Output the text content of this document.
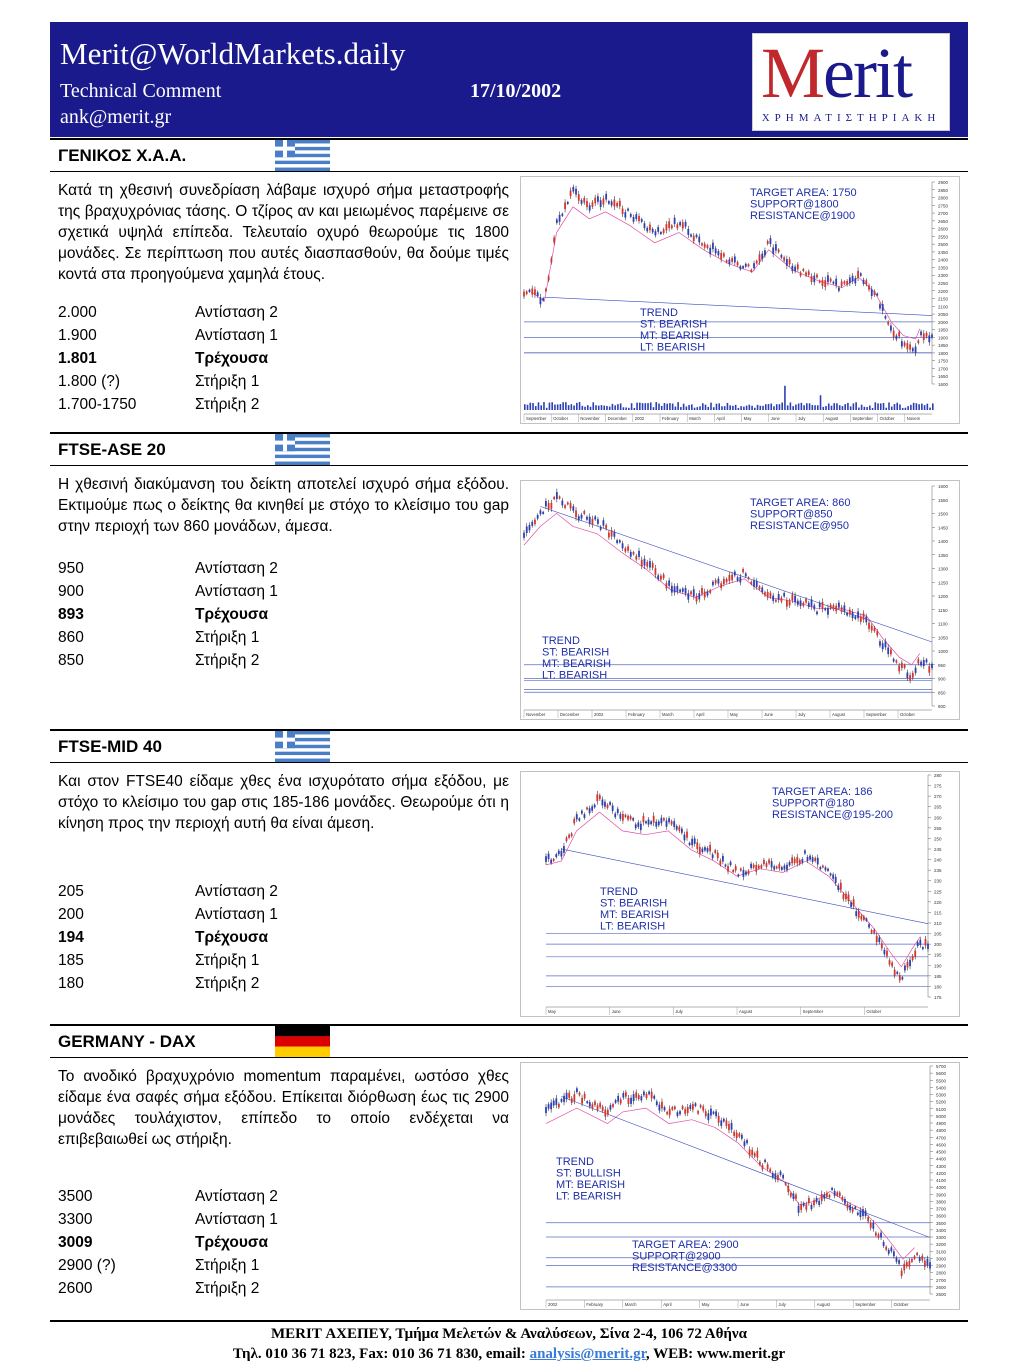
Merit@WorldMarkets.daily
Technical Comment	17/10/2002
ank@merit.gr
Merit
ΧΡΗΜΑΤΙΣΤΗΡΙΑΚΗ
ΓΕΝΙΚΟΣ Χ.Α.Α.
Κατά τη χθεσινή συνεδρίαση λάβαμε ισχυρό σήμα μεταστροφής της βραχυχρόνιας τάσης. Ο τζίρος αν και μειωμένος παρέμεινε σε σχετικά υψηλά επίπεδα. Τελευταίο οχυρό θεωρούμε τις 1800 μονάδες. Σε περίπτωση που αυτές διασπασθούν, θα δούμε τιμές κοντά στα προηγούμενα χαμηλά έτους.
2.000	Αντίσταση 2
1.900	Αντίσταση 1
1.801	Τρέχουσα
1.800 (?)	Στήριξη 1
1.700-1750	Στήριξη 2
2900
2850
2800
2750
2700
2650
2600
2550
2500
2450
2400
2350
2300
2250
2200
2150
2100
2050
2000
1950
1900
1850
1800
1750
1700
1650
1600
September October	November December 2002	February March	April	May	June	July	August	September October	Novem
TARGET AREA: 1750
SUPPORT@1800
RESISTANCE@1900
TREND
ST: BEARISH
MT: BEARISH
LT: BEARISH
FTSE-ASE 20
Η χθεσινή διακύμανση του δείκτη αποτελεί ισχυρό σήμα εξόδου. Εκτιμούμε πως ο δείκτης θα κινηθεί με στόχο το κλείσιμο του gap στην περιοχή των 860 μονάδων, άμεσα.
950	Αντίσταση 2
900	Αντίσταση 1
893	Τρέχουσα
860	Στήριξη 1
850	Στήριξη 2
1600
1550
1500
1450
1400
1350
1300
1250
1200
1150
1100
1050
1000
950
900
850
800
November	December	2002	February	March	April	May	June	July	August	September	October
TARGET AREA: 860
SUPPORT@850
RESISTANCE@950
TREND
ST: BEARISH
MT: BEARISH
LT: BEARISH
FTSE-MID 40
Και στον FTSE40 είδαμε χθες ένα ισχυρότατο σήμα εξόδου, με στόχο το κλείσιμο του gap στις 185-186 μονάδες. Θεωρούμε ότι η κίνηση προς την περιοχή αυτή θα είναι άμεση.
205	Αντίσταση 2
200	Αντίσταση 1
194	Τρέχουσα
185	Στήριξη 1
180	Στήριξη 2
280
275
270
265
260
255
250
245
240
235
230
225
220
215
210
205
200
195
190
185
180
175
May	June	July	August	September	October
TARGET AREA: 186
SUPPORT@180
RESISTANCE@195-200
TREND
ST: BEARISH
MT: BEARISH
LT: BEARISH
GERMANY - DAX
Το ανοδικό βραχυχρόνιο momentum παραμένει, ωστόσο χθες είδαμε ένα σαφές σήμα εξόδου. Επίκειται διόρθωση έως τις 2900 μονάδες τουλάχιστον, επίπεδο το οποίο ενδέχεται να επιβεβαιωθεί ως στήριξη.
3500	Αντίσταση 2
3300	Αντίσταση 1
3009	Τρέχουσα
2900 (?)	Στήριξη 1
2600	Στήριξη 2
5700
5600
5500
5400
5300
5200
5100
5000
4900
4800
4700
4600
4500
4400
4300
4200
4100
4000
3900
3800
3700
3600
3500
3400
3300
3200
3100
3000
2900
2800
2700
2600
2500
2002	February	March	April	May	June	July	August	September	October
TARGET AREA: 2900
SUPPORT@2900
RESISTANCE@3300
TREND
ST: BULLISH
MT: BEARISH
LT: BEARISH
MERIT ΑΧΕΠΕΥ, Τμήμα Μελετών & Αναλύσεων, Σίνα 2-4, 106 72 Αθήνα
Τηλ. 010 36 71 823, Fax: 010 36 71 830, email: analysis@merit.gr, WEB: www.merit.gr
